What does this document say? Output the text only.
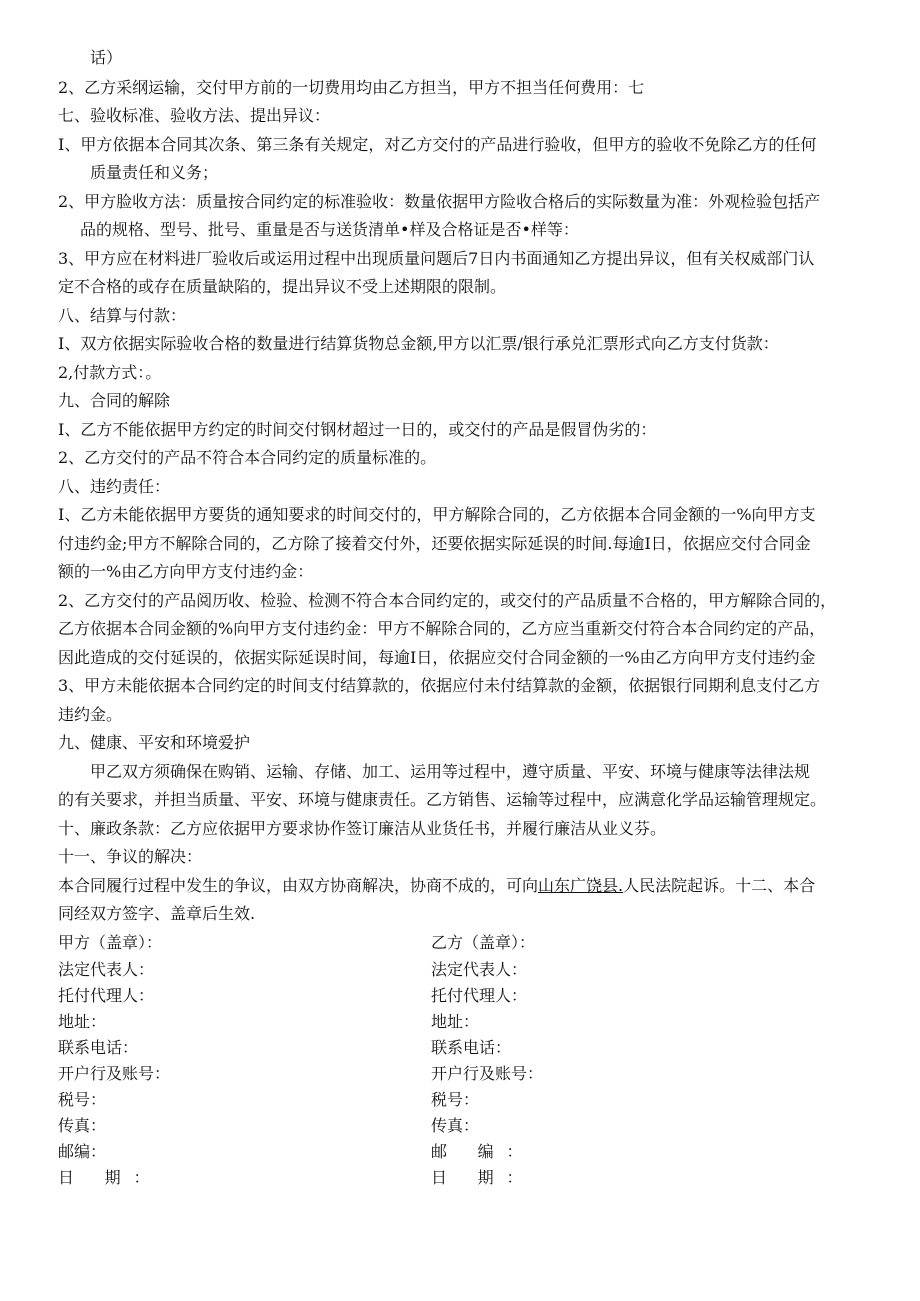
话）

2、乙方采纲运输，交付甲方前的一切费用均由乙方担当，甲方不担当任何费用：七

七、验收标准、验收方法、提出异议：

I、甲方依据本合同其次条、第三条有关规定，对乙方交付的产品进行验收，但甲方的验收不免除乙方的任何

质量责任和义务；

2、甲方脸收方法：质量按合同约定的标准验收：数量依据甲方险收合格后的实际数量为准：外观检验包括产

品的规格、型号、批号、重量是否与送货清单•样及合格证是否•样等：

3、甲方应在材料进厂验收后或运用过程中出现质量问题后7日内书面通知乙方提出异议，但有关权威部门认

定不合格的或存在质量缺陷的，提出异议不受上述期限的限制。

八、结算与付款：

I、双方依据实际验收合格的数量进行结算货物总金额,甲方以汇票/银行承兑汇票形式向乙方支付货款：

2,付款方式：。

九、合同的解除

I、乙方不能依据甲方约定的时间交付钢材超过一日的，或交付的产品是假冒伪劣的：

2、乙方交付的产品不符合本合同约定的质量标准的。

八、违约责任：

I、乙方未能依据甲方要货的通知要求的时间交付的，甲方解除合同的，乙方依据本合同金额的一%向甲方支

付违约金;甲方不解除合同的，乙方除了接着交付外，还要依据实际延误的时间.每逾I日，依据应交付合同金

额的一%由乙方向甲方支付违约金：

2、乙方交付的产品阅历收、检验、检测不符合本合同约定的，或交付的产品质量不合格的，甲方解除合同的，

乙方依据本合同金额的%向甲方支付违约金：甲方不解除合同的，乙方应当重新交付符合本合同约定的产品，

因此造成的交付延误的，依据实际延误时间，每逾I日，依据应交付合同金额的一%由乙方向甲方支付违约金

3、甲方未能依据本合同约定的时间支付结算款的，依据应付未付结算款的金额，依据银行同期利息支付乙方

违约金。

九、健康、平安和环境爱护

甲乙双方须确保在购销、运输、存储、加工、运用等过程中，遵守质量、平安、环境与健康等法律法规

的有关要求，并担当质量、平安、环境与健康责任。乙方销售、运输等过程中，应满意化学品运输管理规定。

十、廉政条款：乙方应依据甲方要求协作签订廉洁从业货任书，并履行廉洁从业义芬。

十一、争议的解决：

本合同履行过程中发生的争议，由双方协商解决，协商不成的，可向山东广饶县.人民法院起诉。十二、本合

同经双方签字、盖章后生效.

甲方（盖章）：

法定代表人：

托付代理人：

地址：

联系电话：

开户行及账号：

税号：

传真：

邮编：

日 期：

乙方（盖章）：

法定代表人：

托付代理人：

地址：

联系电话：

开户行及账号：

税号：

传真：

邮 编：

日 期：
